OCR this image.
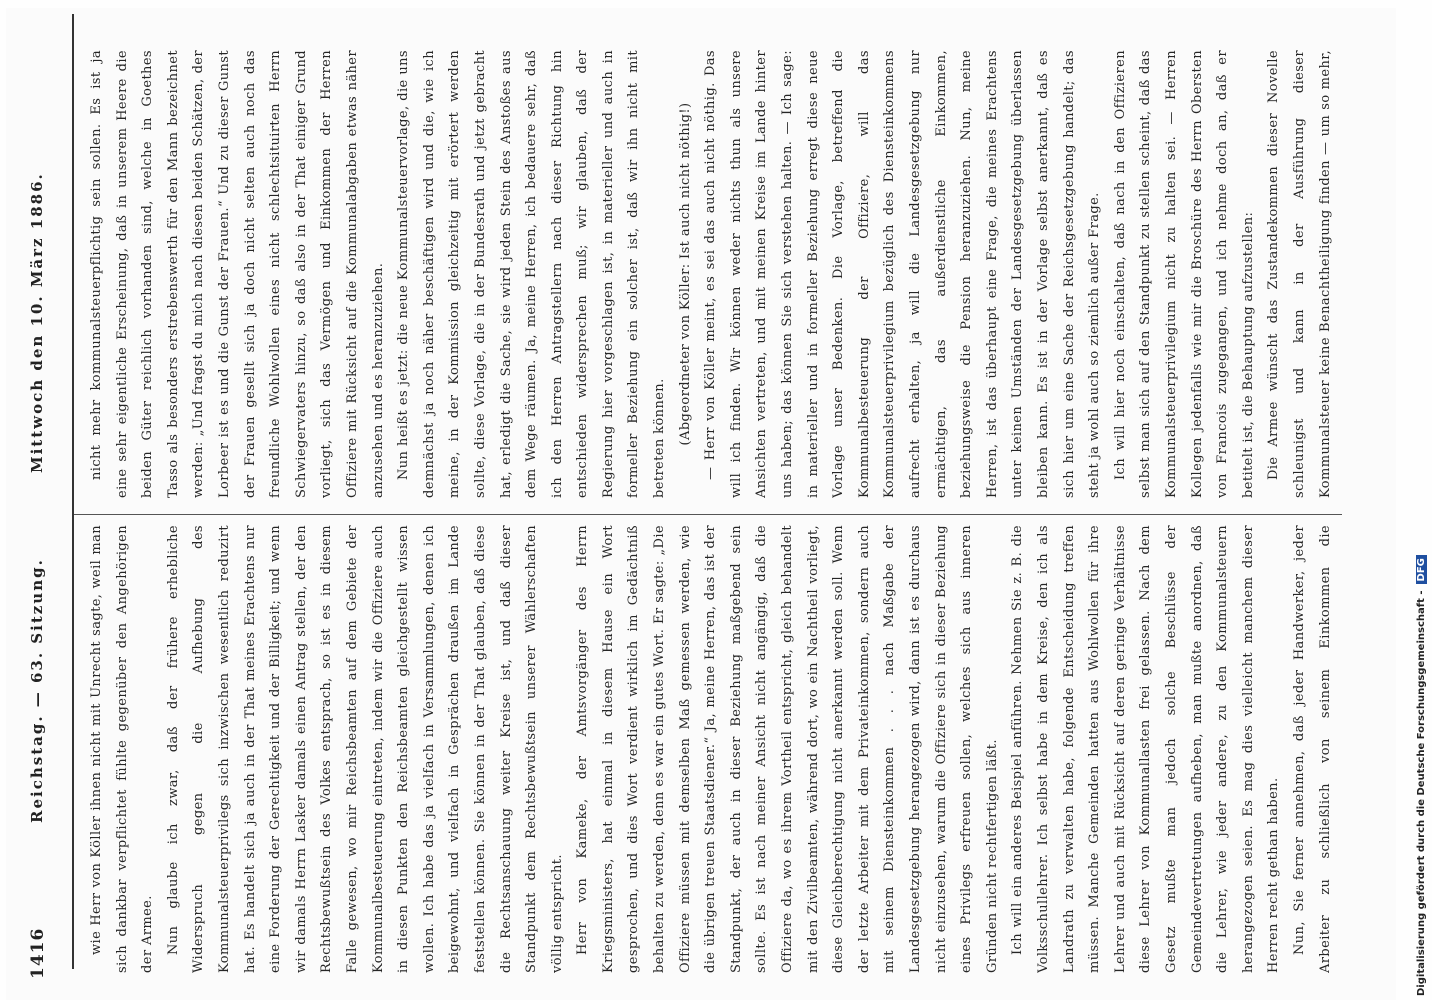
1416
Reichstag. — 63. Sitzung.
Mittwoch den 10. März 1886.

wie Herr von Köller ihnen nicht mit Unrecht sagte, weil man sich dankbar verpflichtet fühlte gegenüber den Angehörigen der Armee. Nun glaube ich zwar, daß der frühere erhebliche Widerspruch gegen die Aufhebung des Kommunalsteuerprivilegs sich inzwischen wesentlich reduzirt hat. Es handelt sich ja auch in der That meines Erachtens nur eine Forderung der Gerechtigkeit und der Billigkeit; und wenn wir damals Herrn Lasker damals einen Antrag stellen, der den Rechtsbewußtsein des Volkes entsprach, so ist es in diesem Falle gewesen, wo mir Reichsbeamten auf dem Gebiete der Kommunalbesteuerung eintreten, indem wir die Offiziere auch in diesen Punkten den Reichsbeamten gleichgestellt wissen wollen. Ich habe das ja vielfach in Versammlungen, denen ich beigewohnt, und vielfach in Gesprächen draußen im Lande feststellen können. Sie können in der That glauben, daß diese die Rechtsanschauung weiter Kreise ist, und daß dieser Standpunkt dem Rechtsbewußtsein unserer Wählerschaften völlig entspricht. Herr von Kameke, der Amtsvorgänger des Herrn Kriegsministers, hat einmal in diesem Hause ein Wort gesprochen, und dies Wort verdient wirklich im Gedächtniß behalten zu werden, denn es war ein gutes Wort. Er sagte: „Die Offiziere müssen mit demselben Maß gemessen werden, wie die übrigen treuen Staatsdiener.“ Ja, meine Herren, das ist der Standpunkt, der auch in dieser Beziehung maßgebend sein sollte. Es ist nach meiner Ansicht nicht angängig, daß die Offiziere da, wo es ihrem Vortheil entspricht, gleich behandelt mit den Zivilbeamten, während dort, wo ein Nachtheil vorliegt, diese Gleichberechtigung nicht anerkannt werden soll. Wenn der letzte Arbeiter mit dem Privateinkommen, sondern auch mit seinem Diensteinkommen . . . nach Maßgabe der Landesgesetzgebung herangezogen wird, dann ist es durchaus nicht einzusehen, warum die Offiziere sich in dieser Beziehung eines Privilegs erfreuen sollen, welches sich aus inneren Gründen nicht rechtfertigen läßt. Ich will ein anderes Beispiel anführen. Nehmen Sie z. B. die Volksschullehrer. Ich selbst habe in dem Kreise, den ich als Landrath zu verwalten habe, folgende Entscheidung treffen müssen. Manche Gemeinden hatten aus Wohlwollen für ihre Lehrer und auch mit Rücksicht auf deren geringe Verhältnisse diese Lehrer von Kommunallasten frei gelassen. Nach dem Gesetz mußte man jedoch solche Beschlüsse der Gemeindevertretungen aufheben, man mußte anordnen, daß die Lehrer, wie jeder andere, zu den Kommunalsteuern herangezogen seien. Es mag dies vielleicht manchem dieser Herren recht gethan haben. Nun, Sie ferner annehmen, daß jeder Handwerker, jeder Arbeiter zu schließlich von seinem Einkommen die

nicht mehr kommunalsteuerpflichtig sein sollen. Es ist ja eine sehr eigentliche Erscheinung, daß in unserem Heere die beiden Güter reichlich vorhanden sind, welche in Goethes Tasso als besonders erstrebenswerth für den Mann bezeichnet werden: „Und fragst du mich nach diesen beiden Schätzen, der Lorbeer ist es und die Gunst der Frauen.“ Und zu dieser Gunst der Frauen gesellt sich ja doch nicht selten auch noch das freundliche Wohlwollen eines nicht schlechtsituirten Herrn Schwiegervaters hinzu, so daß also in der That einiger Grund vorliegt, sich das Vermögen und Einkommen der Herren Offiziere mit Rücksicht auf die Kommunalabgaben etwas näher anzusehen und es heranzuziehen. Nun heißt es jetzt: die neue Kommunalsteuervorlage, die uns demnächst ja noch näher beschäftigen wird und die, wie ich meine, in der Kommission gleichzeitig mit erörtert werden sollte, diese Vorlage, die in der Bundesrath und jetzt gebracht hat, erledigt die Sache, sie wird jeden Stein des Anstoßes aus dem Wege räumen. Ja, meine Herren, ich bedauere sehr, daß ich den Herren Antragstellern nach dieser Richtung hin entschieden widersprechen muß; wir glauben, daß der Regierung hier vorgeschlagen ist, in materieller und auch in formeller Beziehung ein solcher ist, daß wir ihn nicht mit betreten können. (Abgeordneter von Köller: Ist auch nicht nöthig!) — Herr von Köller meint, es sei das auch nicht nöthig. Das will ich finden. Wir können weder nichts thun als unsere Ansichten vertreten, und mit meinen Kreise im Lande hinter uns haben; das können Sie sich verstehen halten. — Ich sage: in materieller und in formeller Beziehung erregt diese neue Vorlage unser Bedenken. Die Vorlage, betreffend die Kommunalbesteuerung der Offiziere, will das Kommunalsteuerprivilegium bezüglich des Diensteinkommens aufrecht erhalten, ja will die Landesgesetzgebung nur ermächtigen, das außerdienstliche Einkommen, beziehungsweise die Pension heranzuziehen. Nun, meine Herren, ist das überhaupt eine Frage, die meines Erachtens unter keinen Umständen der Landesgesetzgebung überlassen bleiben kann. Es ist in der Vorlage selbst anerkannt, daß es sich hier um eine Sache der Reichsgesetzgebung handelt; das steht ja wohl auch so ziemlich außer Frage. Ich will hier noch einschalten, daß nach in den Offizieren selbst man sich auf den Standpunkt zu stellen scheint, daß das Kommunalsteuerprivilegium nicht zu halten sei. — Herren Kollegen jedenfalls wie mir die Broschüre des Herrn Obersten von Francois zugegangen, und ich nehme doch an, daß er betitelt ist, die Behauptung aufzustellen: Die Armee wünscht das Zustandekommen dieser Novelle schleunigst und kann in der Ausführung dieser Kommunalsteuer keine Benachtheiligung finden — um so mehr,

Digitalisierung gefördert durch die Deutsche Forschungsgemeinschaft -DFG
